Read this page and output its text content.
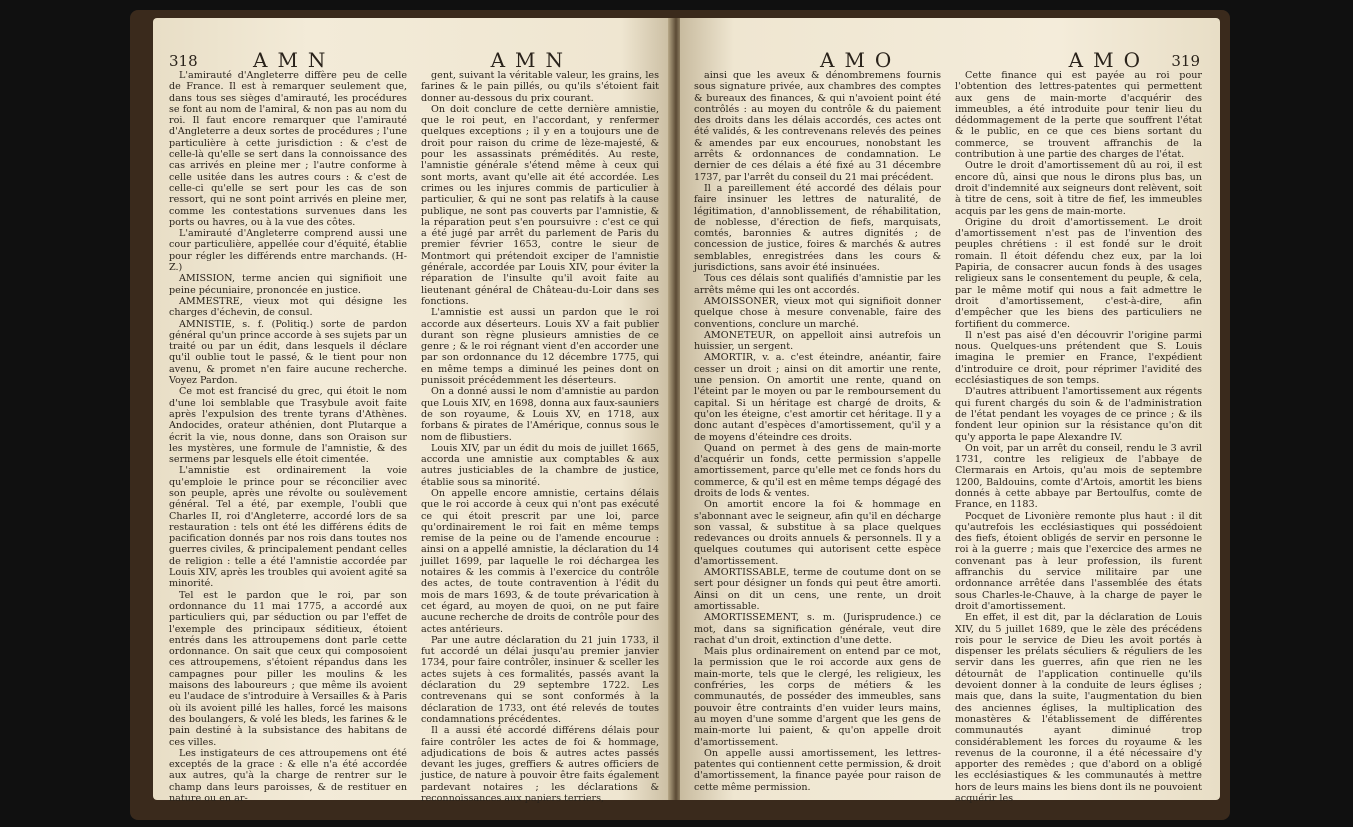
318	AMN	AMN

L'amirauté d'Angleterre diffère peu de celle de France. Il est à remarquer seulement que, dans tous ses sièges d'amirauté, les procédures se font au nom de l'amiral, & non pas au nom du roi. Il faut encore remarquer que l'amirauté d'Angleterre a deux sortes de procédures ; l'une particulière à cette jurisdiction : & c'est de celle-là qu'elle se sert dans la connoissance des cas arrivés en pleine mer ; l'autre conforme à celle usitée dans les autres cours : & c'est de celle-ci qu'elle se sert pour les cas de son ressort, qui ne sont point arrivés en pleine mer, comme les contestations survenues dans les ports ou havres, ou à la vue des côtes.

L'amirauté d'Angleterre comprend aussi une cour particulière, appellée cour d'équité, établie pour régler les différends entre marchands. (H-Z.)

AMISSION, terme ancien qui signifioit une peine pécuniaire, prononcée en justice.

AMMESTRE, vieux mot qui désigne les charges d'échevin, de consul.

AMNISTIE, s. f. (Politiq.) sorte de pardon général qu'un prince accorde à ses sujets par un traité ou par un édit, dans lesquels il déclare qu'il oublie tout le passé, & le tient pour non avenu, & promet n'en faire aucune recherche. Voyez Pardon.

Ce mot est francisé du grec, qui étoit le nom d'une loi semblable que Trasybule avoit faite après l'expulsion des trente tyrans d'Athènes. Andocides, orateur athénien, dont Plutarque a écrit la vie, nous donne, dans son Oraison sur les mystères, une formule de l'amnistie, & des sermens par lesquels elle étoit cimentée.

L'amnistie est ordinairement la voie qu'emploie le prince pour se réconcilier avec son peuple, après une révolte ou soulèvement général. Tel a été, par exemple, l'oubli que Charles II, roi d'Angleterre, accordé lors de sa restauration : tels ont été les différens édits de pacification donnés par nos rois dans toutes nos guerres civiles, & principalement pendant celles de religion : telle a été l'amnistie accordée par Louis XIV, après les troubles qui avoient agité sa minorité.

Tel est le pardon que le roi, par son ordonnance du 11 mai 1775, a accordé aux particuliers qui, par séduction ou par l'effet de l'exemple des principaux séditieux, étoient entrés dans les attroupemens dont parle cette ordonnance. On sait que ceux qui composoient ces attroupemens, s'étoient répandus dans les campagnes pour piller les moulins & les maisons des laboureurs ; que même ils avoient eu l'audace de s'introduire à Versailles & à Paris où ils avoient pillé les halles, forcé les maisons des boulangers, & volé les bleds, les farines & le pain destiné à la subsistance des habitans de ces villes.

Les instigateurs de ces attroupemens ont été exceptés de la grace : & elle n'a été accordée aux autres, qu'à la charge de rentrer sur le champ dans leurs paroisses, & de restituer en nature ou en ar-

gent, suivant la véritable valeur, les grains, les farines & le pain pillés, ou qu'ils s'étoient fait donner au-dessous du prix courant.

On doit conclure de cette dernière amnistie, que le roi peut, en l'accordant, y renfermer quelques exceptions ; il y en a toujours une de droit pour raison du crime de lèze-majesté, & pour les assassinats prémédités. Au reste, l'amnistie générale s'étend même à ceux qui sont morts, avant qu'elle ait été accordée. Les crimes ou les injures commis de particulier à particulier, & qui ne sont pas relatifs à la cause publique, ne sont pas couverts par l'amnistie, & la réparation peut s'en poursuivre : c'est ce qui a été jugé par arrêt du parlement de Paris du premier février 1653, contre le sieur de Montmort qui prétendoit exciper de l'amnistie générale, accordée par Louis XIV, pour éviter la réparation de l'insulte qu'il avoit faite au lieutenant général de Château-du-Loir dans ses fonctions.

L'amnistie est aussi un pardon que le roi accorde aux déserteurs. Louis XV a fait publier durant son règne plusieurs amnisties de ce genre ; & le roi régnant vient d'en accorder une par son ordonnance du 12 décembre 1775, qui en même temps a diminué les peines dont on punissoit précédemment les déserteurs.

On a donné aussi le nom d'amnistie au pardon que Louis XIV, en 1698, donna aux faux-sauniers de son royaume, & Louis XV, en 1718, aux forbans & pirates de l'Amérique, connus sous le nom de flibustiers.

Louis XIV, par un édit du mois de juillet 1665, accorda une amnistie aux comptables & aux autres justiciables de la chambre de justice, établie sous sa minorité.

On appelle encore amnistie, certains délais que le roi accorde à ceux qui n'ont pas exécuté ce qui étoit prescrit par une loi, parce qu'ordinairement le roi fait en même temps remise de la peine ou de l'amende encourue : ainsi on a appellé amnistie, la déclaration du 14 juillet 1699, par laquelle le roi déchargea les notaires & les commis à l'exercice du contrôle des actes, de toute contravention à l'édit du mois de mars 1693, & de toute prévarication à cet égard, au moyen de quoi, on ne put faire aucune recherche de droits de contrôle pour des actes antérieurs.

Par une autre déclaration du 21 juin 1733, il fut accordé un délai jusqu'au premier janvier 1734, pour faire contrôler, insinuer & sceller les actes sujets à ces formalités, passés avant la déclaration du 29 septembre 1722. Les contrevenans qui se sont conformés à la déclaration de 1733, ont été relevés de toutes condamnations précédentes.

Il a aussi été accordé différens délais pour faire contrôler les actes de foi & hommage, adjudications de bois & autres actes passés devant les juges, greffiers & autres officiers de justice, de nature à pouvoir être faits également pardevant notaires ; les déclarations & reconnoissances aux papiers terriers,

AMO	AMO 319

ainsi que les aveux & dénombremens fournis sous signature privée, aux chambres des comptes & bureaux des finances, & qui n'avoient point été contrôlés : au moyen du contrôle & du paiement des droits dans les délais accordés, ces actes ont été validés, & les contrevenans relevés des peines & amendes par eux encourues, nonobstant les arrêts & ordonnances de condamnation. Le dernier de ces délais a été fixé au 31 décembre 1737, par l'arrêt du conseil du 21 mai précédent.

Il a pareillement été accordé des délais pour faire insinuer les lettres de naturalité, de légitimation, d'annoblissement, de réhabilitation, de noblesse, d'érection de fiefs, marquisats, comtés, baronnies & autres dignités ; de concession de justice, foires & marchés & autres semblables, enregistrées dans les cours & jurisdictions, sans avoir été insinuées.

Tous ces délais sont qualifiés d'amnistie par les arrêts même qui les ont accordés.

AMOISSONER, vieux mot qui signifioit donner quelque chose à mesure convenable, faire des conventions, conclure un marché.

AMONETEUR, on appelloit ainsi autrefois un huissier, un sergent.

AMORTIR, v. a. c'est éteindre, anéantir, faire cesser un droit ; ainsi on dit amortir une rente, une pension. On amortit une rente, quand on l'éteint par le moyen ou par le remboursement du capital. Si un héritage est chargé de droits, & qu'on les éteigne, c'est amortir cet héritage. Il y a donc autant d'espèces d'amortissement, qu'il y a de moyens d'éteindre ces droits.

Quand on permet à des gens de main-morte d'acquérir un fonds, cette permission s'appelle amortissement, parce qu'elle met ce fonds hors du commerce, & qu'il est en même temps dégagé des droits de lods & ventes.

On amortit encore la foi & hommage en s'abonnant avec le seigneur, afin qu'il en décharge son vassal, & substitue à sa place quelques redevances ou droits annuels & personnels. Il y a quelques coutumes qui autorisent cette espèce d'amortissement.

AMORTISSABLE, terme de coutume dont on se sert pour désigner un fonds qui peut être amorti. Ainsi on dit un cens, une rente, un droit amortissable.

AMORTISSEMENT, s. m. (Jurisprudence.) ce mot, dans sa signification générale, veut dire rachat d'un droit, extinction d'une dette.

Mais plus ordinairement on entend par ce mot, la permission que le roi accorde aux gens de main-morte, tels que le clergé, les religieux, les confréries, les corps de métiers & les communautés, de posséder des immeubles, sans pouvoir être contraints d'en vuider leurs mains, au moyen d'une somme d'argent que les gens de main-morte lui paient, & qu'on appelle droit d'amortissement.

On appelle aussi amortissement, les lettres-patentes qui contiennent cette permission, & droit d'amortissement, la finance payée pour raison de cette même permission.

Cette finance qui est payée au roi pour l'obtention des lettres-patentes qui permettent aux gens de main-morte d'acquérir des immeubles, a été introduite pour tenir lieu du dédommagement de la perte que souffrent l'état & le public, en ce que ces biens sortant du commerce, se trouvent affranchis de la contribution à une partie des charges de l'état.

Outre le droit d'amortissement dû au roi, il est encore dû, ainsi que nous le dirons plus bas, un droit d'indemnité aux seigneurs dont relèvent, soit à titre de cens, soit à titre de fief, les immeubles acquis par les gens de main-morte.

Origine du droit d'amortissement. Le droit d'amortissement n'est pas de l'invention des peuples chrétiens : il est fondé sur le droit romain. Il étoit défendu chez eux, par la loi Papiria, de consacrer aucun fonds à des usages religieux sans le consentement du peuple, & cela, par le même motif qui nous a fait admettre le droit d'amortissement, c'est-à-dire, afin d'empêcher que les biens des particuliers ne fortifient du commerce.

Il n'est pas aisé d'en découvrir l'origine parmi nous. Quelques-uns prétendent que S. Louis imagina le premier en France, l'expédient d'introduire ce droit, pour réprimer l'avidité des ecclésiastiques de son temps.

D'autres attribuent l'amortissement aux régents qui furent chargés du soin & de l'administration de l'état pendant les voyages de ce prince ; & ils fondent leur opinion sur la résistance qu'on dit qu'y apporta le pape Alexandre IV.

On voit, par un arrêt du conseil, rendu le 3 avril 1731, contre les religieux de l'abbaye de Clermarais en Artois, qu'au mois de septembre 1200, Baldouins, comte d'Artois, amortit les biens donnés à cette abbaye par Bertoulfus, comte de France, en 1183.

Pocquet de Livonière remonte plus haut : il dit qu'autrefois les ecclésiastiques qui possédoient des fiefs, étoient obligés de servir en personne le roi à la guerre ; mais que l'exercice des armes ne convenant pas à leur profession, ils furent affranchis du service militaire par une ordonnance arrêtée dans l'assemblée des états sous Charles-le-Chauve, à la charge de payer le droit d'amortissement.

En effet, il est dit, par la déclaration de Louis XIV, du 5 juillet 1689, que le zèle des précédens rois pour le service de Dieu les avoit portés à dispenser les prélats séculiers & réguliers de les servir dans les guerres, afin que rien ne les détournât de l'application continuelle qu'ils devoient donner à la conduite de leurs églises ; mais que, dans la suite, l'augmentation du bien des anciennes églises, la multiplication des monastères & l'établissement de différentes communautés ayant diminué trop considérablement les forces du royaume & les revenus de la couronne, il a été nécessaire d'y apporter des remèdes ; que d'abord on a obligé les ecclésiastiques & les communautés à mettre hors de leurs mains les biens dont ils ne pouvoient acquérir les
